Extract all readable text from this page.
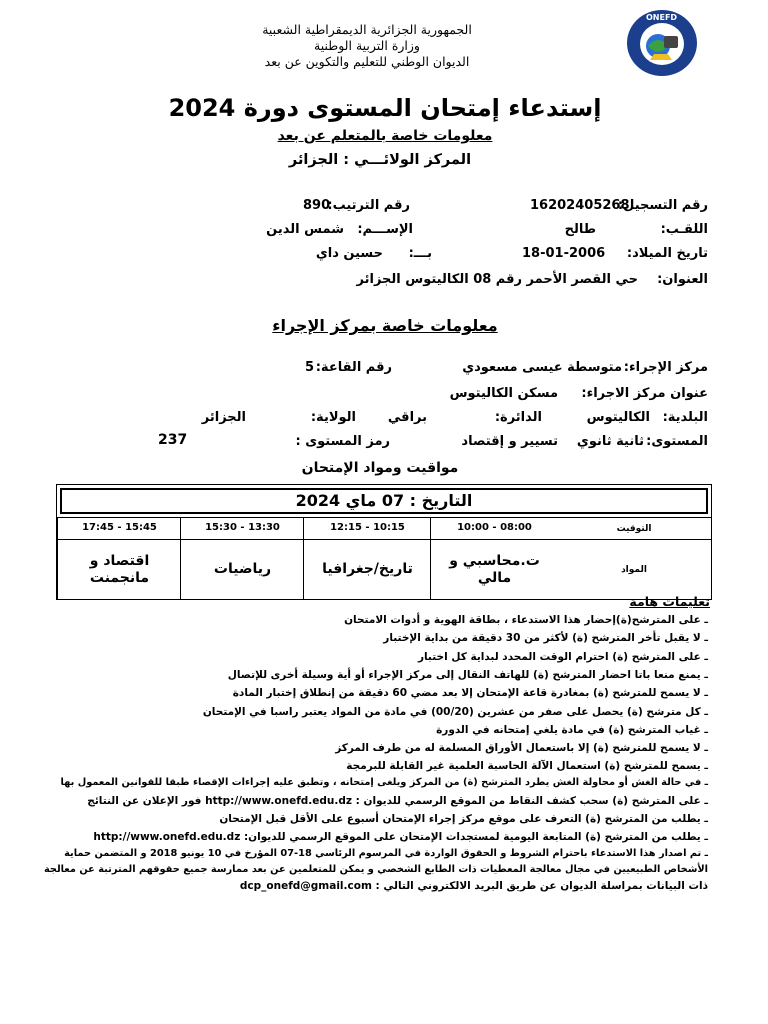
الجمهورية الجزائرية الديمقراطية الشعبية
وزارة التربية الوطنية
الديوان الوطني للتعليم والتكوين عن بعد
ONEFD
إستدعاء إمتحان المستوى دورة 2024
معلومات خاصة بالمتعلم عن بعد
المركز الولائـــي : الجزائر
رقم التسجيل:
16202405268
رقم الترتيب:
890
اللقـب:
طالح
الإســـم:
شمس الدين
تاريخ الميلاد:
18-01-2006
بـــ:
حسين داي
العنوان:
حي القصر الأحمر رقم 08 الكاليتوس الجزائر
معلومات خاصة بمركز الإجراء
مركز الإجراء:
متوسطة عيسى مسعودي
رقم القاعة:
5
عنوان مركز الاجراء:
مسكن الكاليتوس
البلدية:
الكاليتوس
الدائرة:
براقي
الولاية:
الجزائر
المستوى:
ثانية ثانوي
تسيير و إقتصاد
رمز المستوى :
237
مواقيت ومواد الإمتحان
التاريخ : 07 ماي 2024
التوقيت
08:00 - 10:00
10:15 - 12:15
13:30 - 15:30
15:45 - 17:45
المواد
ت.محاسبي و مالي
تاريخ/جغرافيا
رياضيات
اقتصاد و مانجمنت
تعليمات هامة
ـ على المترشح(ة)إحضار هذا الاستدعاء ، بطاقة الهوية و أدوات الامتحان
ـ لا يقبل تأخر المترشح (ة) لأكثر من 30 دقيقة من بداية الإختبار
ـ على المترشح (ة) احترام الوقت المحدد لبداية كل اختبار
ـ يمنع منعا باتا احضار المترشح (ة) للهاتف النقال إلى مركز الإجراء أو أية وسيلة أخرى للإتصال
ـ لا يسمح للمترشح (ة) بمغادرة قاعة الإمتحان إلا بعد مضي 60 دقيقة من إنطلاق إختبار المادة
ـ كل مترشح (ة) يحصل على صفر من عشرين (00/20) في مادة من المواد يعتبر راسبا في الإمتحان
ـ غياب المترشح (ة) في مادة يلغي إمتحانه في الدورة
ـ لا يسمح للمترشح (ة) إلا باستعمال الأوراق المسلمة له من طرف المركز
ـ يسمح للمترشح (ة) استعمال الآلة الحاسبة العلمية غير القابلة للبرمجة
ـ في حالة الغش أو محاولة الغش يطرد المترشح (ة) من المركز ويلغى إمتحانه ، وتطبق عليه إجراءات الإقصاء طبقا للقوانين المعمول بها
ـ على المترشح (ة) سحب كشف النقاط من الموقع الرسمي للديوان : http://www.onefd.edu.dz فور الإعلان عن النتائج
ـ يطلب من المترشح (ة) التعرف على موقع مركز إجراء الإمتحان أسبوع على الأقل قبل الإمتحان
ـ يطلب من المترشح (ة) المتابعة اليومية لمستجدات الإمتحان على الموقع الرسمي للديوان: http://www.onefd.edu.dz
ـ تم اصدار هذا الاستدعاء باحترام الشروط و الحقوق الواردة في المرسوم الرئاسي 18-07 المؤرخ في 10 يونيو 2018 و المتضمن حماية
الأشخاص الطبيعيين في مجال معالجة المعطيات ذات الطابع الشخصي و يمكن للمتعلمين عن بعد ممارسة جميع حقوقهم المترتبة عن معالجة
ذات البيانات بمراسلة الديوان عن طريق البريد الالكتروني التالي : dcp_onefd@gmail.com
